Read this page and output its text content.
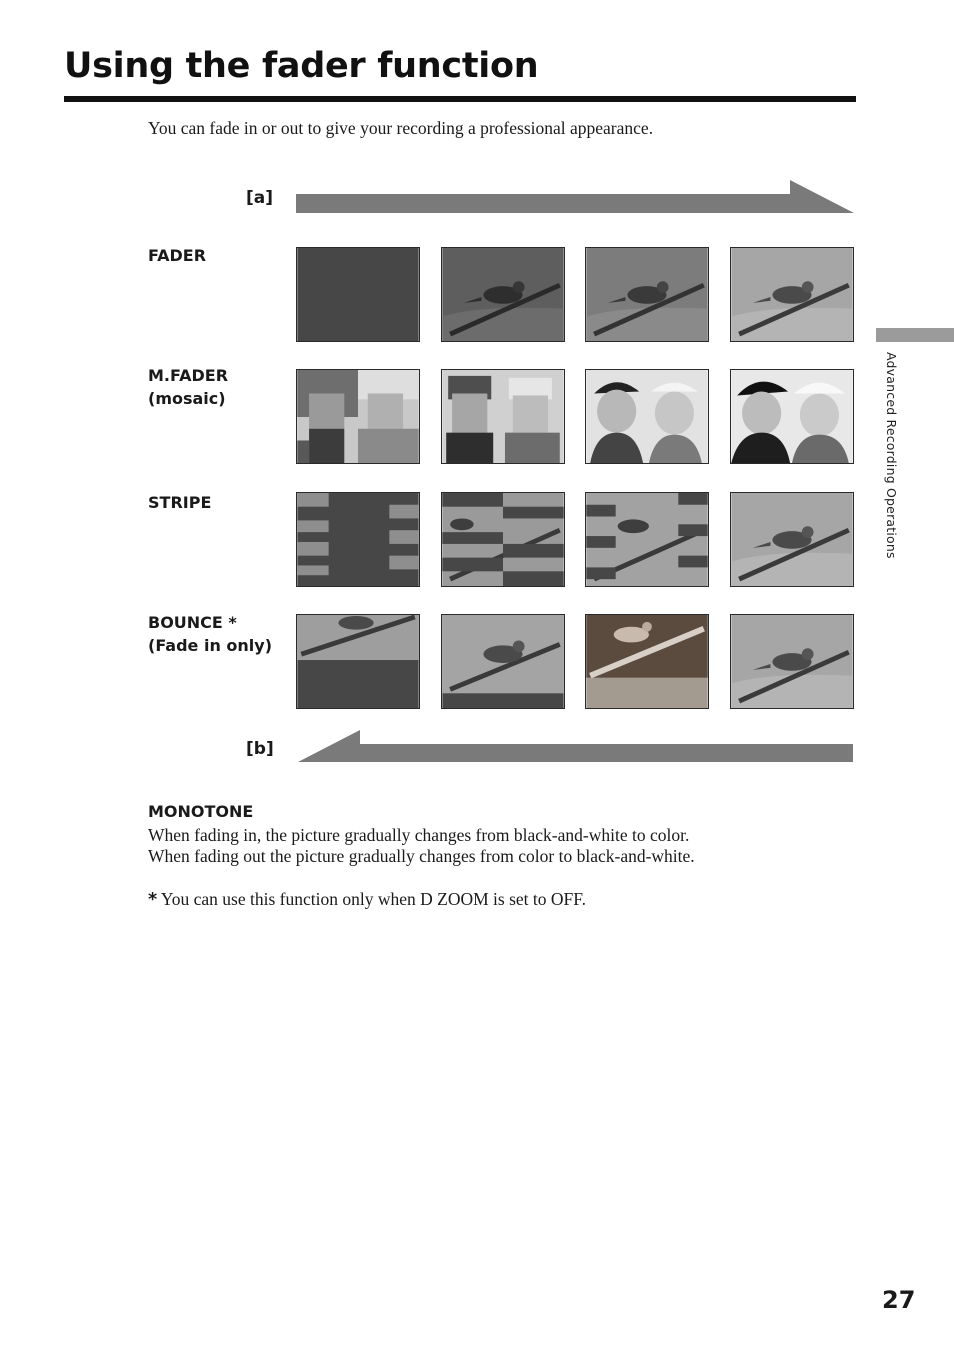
Using the fader function
You can fade in or out to give your recording a professional appearance.
[a]
FADER
M.FADER
(mosaic)
STRIPE
BOUNCE *
(Fade in only)
[b]
Advanced Recording Operations
MONOTONE
When fading in, the picture gradually changes from black-and-white to color.
When fading out the picture gradually changes from color to black-and-white.
* You can use this function only when D ZOOM is set to OFF.
27
